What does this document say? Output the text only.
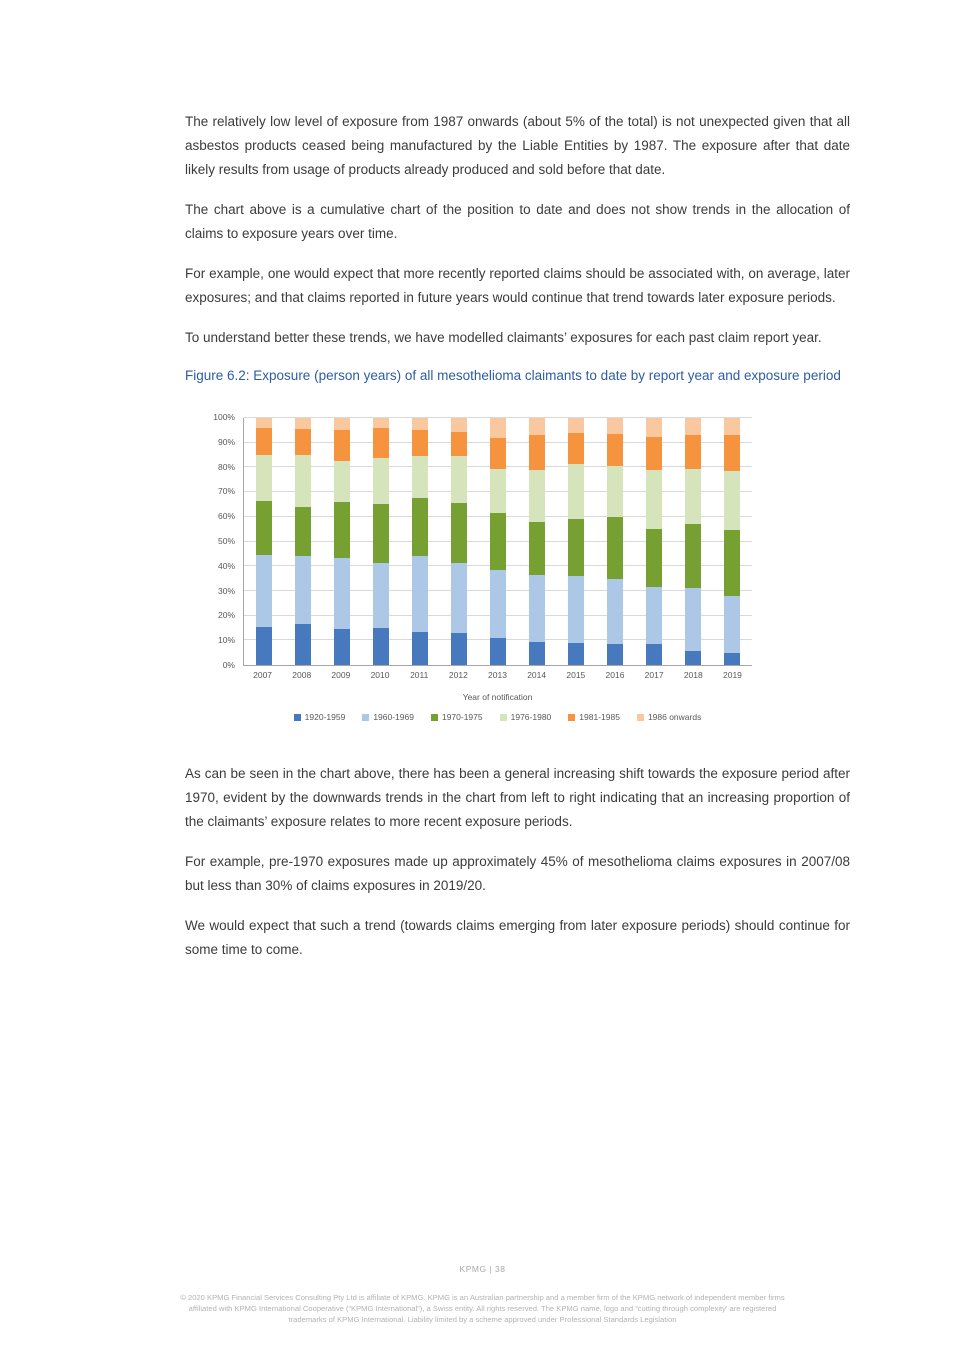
The relatively low level of exposure from 1987 onwards (about 5% of the total) is not unexpected given that all asbestos products ceased being manufactured by the Liable Entities by 1987. The exposure after that date likely results from usage of products already produced and sold before that date.

The chart above is a cumulative chart of the position to date and does not show trends in the allocation of claims to exposure years over time.

For example, one would expect that more recently reported claims should be associated with, on average, later exposures; and that claims reported in future years would continue that trend towards later exposure periods.

To understand better these trends, we have modelled claimants’ exposures for each past claim report year.

Figure 6.2: Exposure (person years) of all mesothelioma claimants to date by report year and exposure period
0%
10%
20%
30%
40%
50%
60%
70%
80%
90%
100%
2007	2008	2009	2010	2011	2012	2013	2014	2015	2016	2017	2018	2019
Year of notification
1920-1959	1960-1969	1970-1975	1976-1980	1981-1985	1986 onwards

As can be seen in the chart above, there has been a general increasing shift towards the exposure period after 1970, evident by the downwards trends in the chart from left to right indicating that an increasing proportion of the claimants’ exposure relates to more recent exposure periods.

For example, pre-1970 exposures made up approximately 45% of mesothelioma claims exposures in 2007/08 but less than 30% of claims exposures in 2019/20.

We would expect that such a trend (towards claims emerging from later exposure periods) should continue for some time to come.

KPMG | 38
© 2020 KPMG Financial Services Consulting Pty Ltd is affiliate of KPMG. KPMG is an Australian partnership and a member firm of the KPMG network of independent member firms
affiliated with KPMG International Cooperative (“KPMG International”), a Swiss entity. All rights reserved. The KPMG name, logo and “cutting through complexity' are registered
trademarks of KPMG International. Liability limited by a scheme approved under Professional Standards Legislation
